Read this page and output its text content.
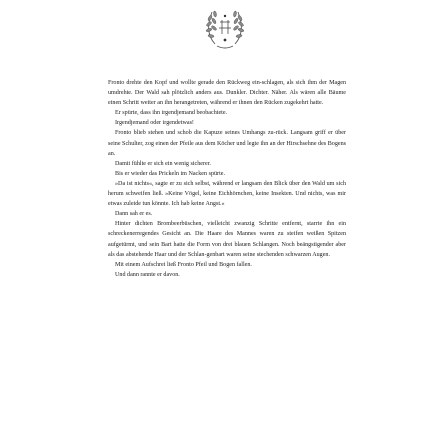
Fronto drehte den Kopf und wollte gerade den Rückweg ein-schlagen, als sich ihm der Magen umdrehte. Der Wald sah plötzlich anders aus. Dunkler. Dichter. Näher. Als wären alle Bäume einen Schritt weiter an ihn herangetreten, während er ihnen den Rücken zugekehrt hatte.

Er spürte, dass ihn irgendjemand beobachtete.

Irgendjemand oder irgendetwas!

Fronto blieb stehen und schob die Kapuze seines Umhangs zu-rück. Langsam griff er über seine Schulter, zog einen der Pfeile aus dem Köcher und legte ihn an der Hirschsehne des Bogens an.

Damit fühlte er sich ein wenig sicherer.

Bis er wieder das Prickeln im Nacken spürte.

»Da ist nichts«, sagte er zu sich selbst, während er langsam den Blick über den Wald um sich herum schweifen ließ. »Keine Vögel, keine Eichhörnchen, keine Insekten. Und nichts, was mir etwas zuleide tun könnte. Ich hab keine Angst.«

Dann sah er es.

Hinter dichten Brombeerbüschen, vielleicht zwanzig Schritte entfernt, starrte ihn ein schreckenerregendes Gesicht an. Die Haare des Mannes waren zu steifen weißen Spitzen aufgetürmt, und sein Bart hatte die Form von drei blauen Schlangen. Noch beängstigender aber als das abstehende Haar und der Schlan-genbart waren seine stechenden schwarzen Augen.

Mit einem Aufschrei ließ Fronto Pfeil und Bogen fallen.

Und dann rannte er davon.
